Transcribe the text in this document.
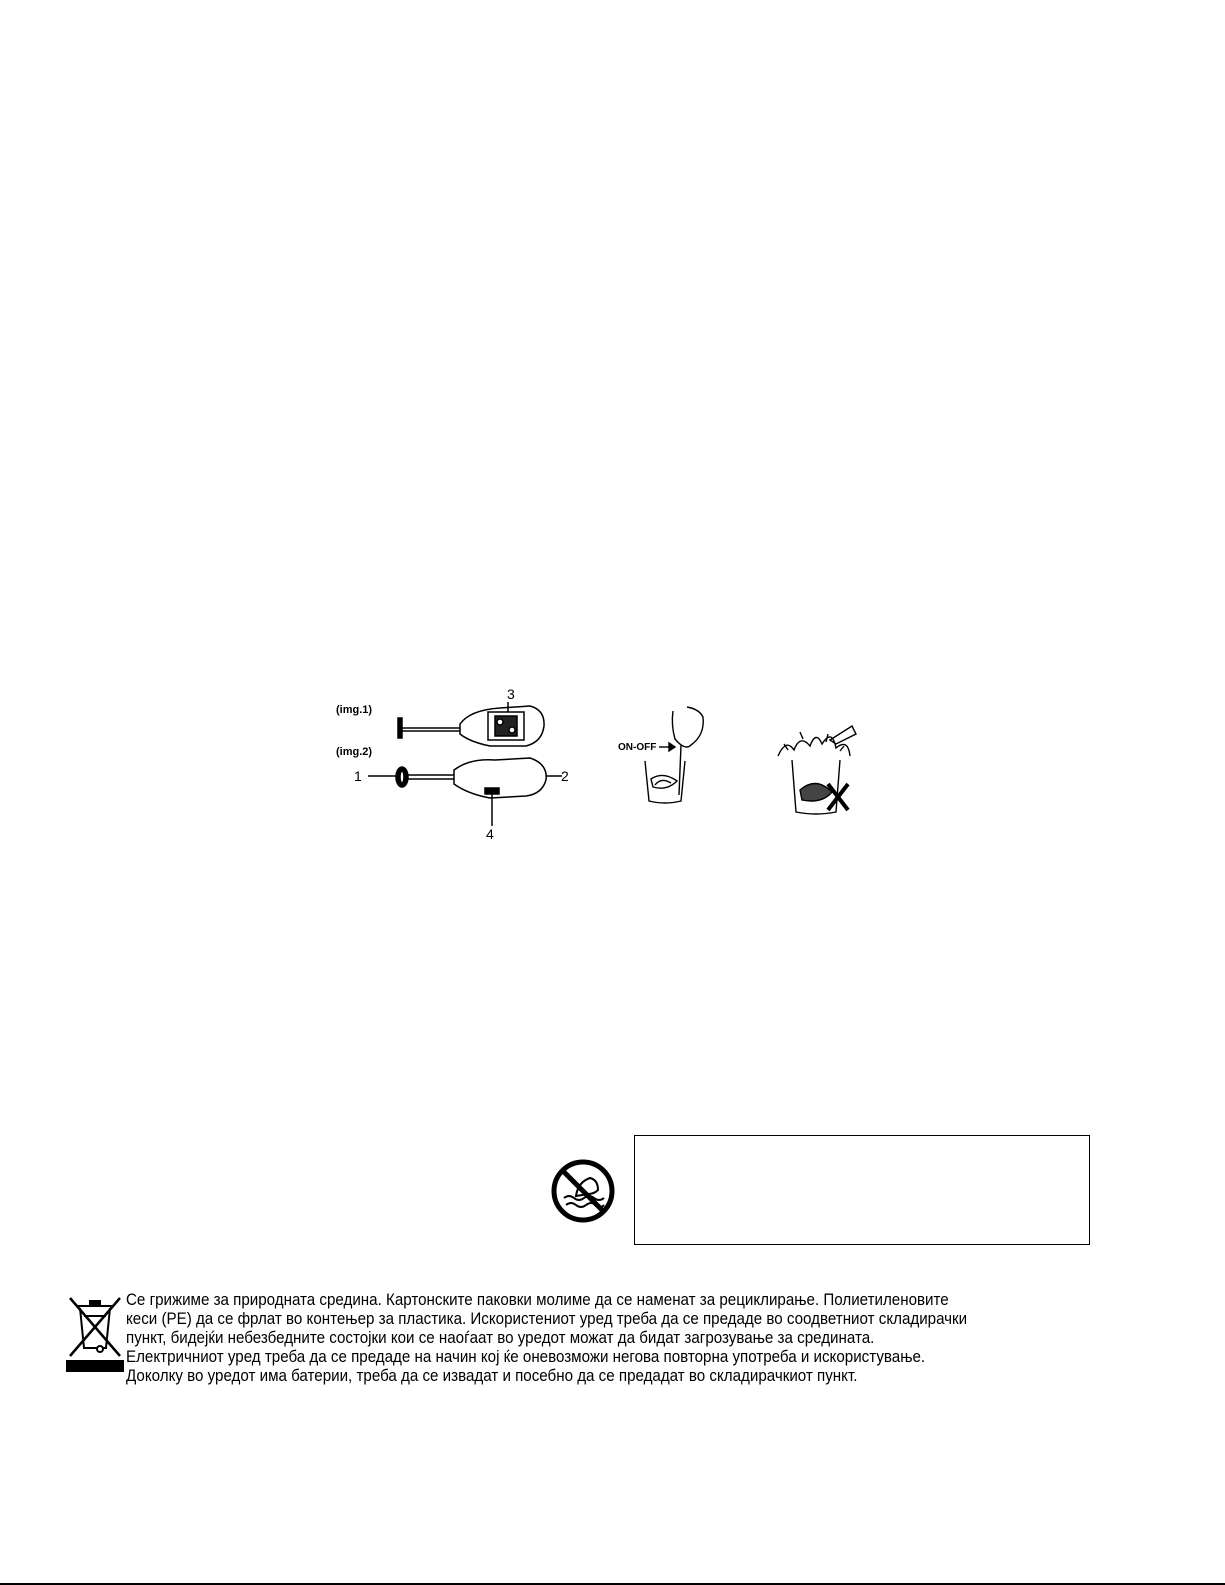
(img.1)
(img.2)
3
1	2
4
ON-OFF
Се грижиме за природната средина. Картонските паковки молиме да се наменат за рециклирање. Полиетиленовите
кеси (PE) да се фрлат во контењер за пластика. Искористениот уред треба да се предаде во соодветниот складирачки
пункт, бидејќи небезбедните состојки кои се наоѓаат во уредот можат да бидат загрозување за средината.
Електричниот уред треба да се предаде на начин кој ќе оневозможи негова повторна употреба и искористување.
Доколку во уредот има батерии, треба да се извадат и посебно да се предадат во складирачкиот пункт.
